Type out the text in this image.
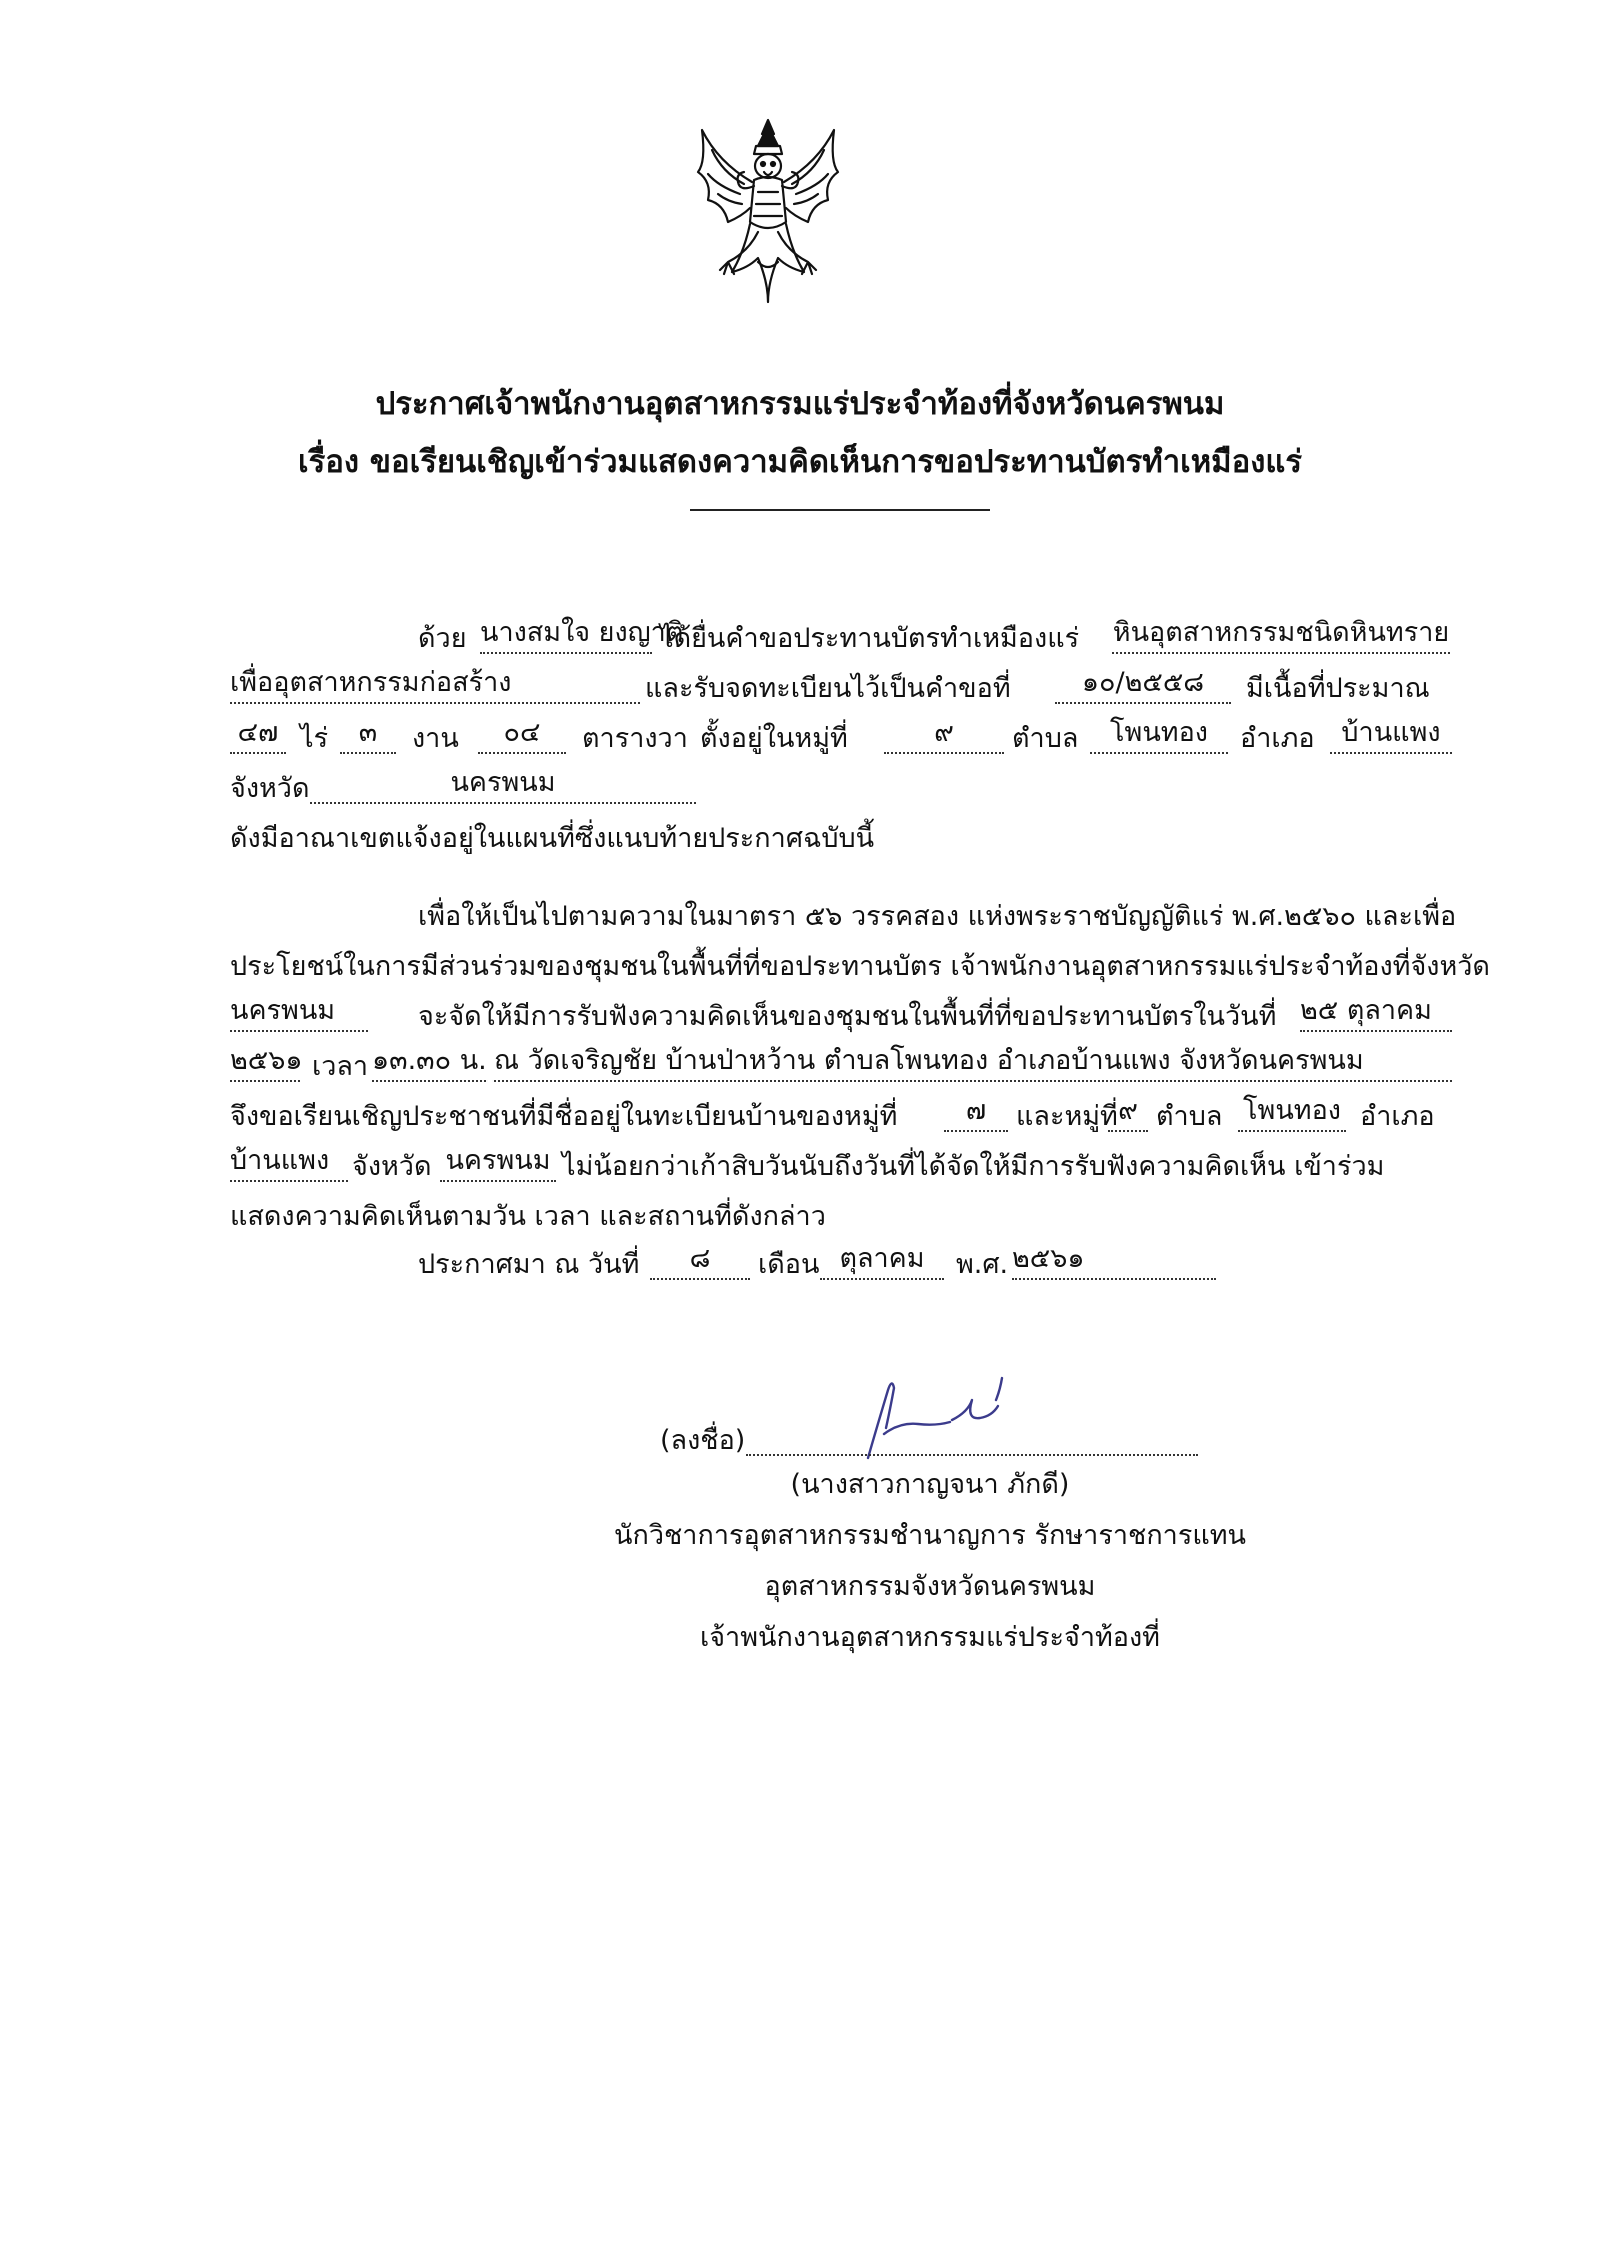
ประกาศเจ้าพนักงานอุตสาหกรรมแร่ประจำท้องที่จังหวัดนครพนม
เรื่อง ขอเรียนเชิญเข้าร่วมแสดงความคิดเห็นการขอประทานบัตรทำเหมืองแร่
ด้วย นางสมใจ ยงญาติ
ได้ยื่นคำขอประทานบัตรทำเหมืองแร่ หินอุตสาหกรรมชนิดหินทราย
เพื่ออุตสาหกรรมก่อสร้าง	และรับจดทะเบียนไว้เป็นคำขอที่	๑๐/๒๕๕๘	มีเนื้อที่ประมาณ
๔๗ ไร่	๓	งาน	๐๔	ตารางวา ตั้งอยู่ในหมู่ที่	๙	ตำบล	โพนทอง	อำเภอ บ้านแพง
จังหวัด	นครพนม
ดังมีอาณาเขตแจ้งอยู่ในแผนที่ซึ่งแนบท้ายประกาศฉบับนี้
เพื่อให้เป็นไปตามความในมาตรา ๕๖ วรรคสอง แห่งพระราชบัญญัติแร่ พ.ศ.๒๕๖๐ และเพื่อ
ประโยชน์ในการมีส่วนร่วมของชุมชนในพื้นที่ที่ขอประทานบัตร เจ้าพนักงานอุตสาหกรรมแร่ประจำท้องที่จังหวัด
นครพนม	จะจัดให้มีการรับฟังความคิดเห็นของชุมชนในพื้นที่ที่ขอประทานบัตรในวันที่ ๒๕ ตุลาคม
๒๕๖๑ เวลา ๑๓.๓๐ น. ณ วัดเจริญชัย บ้านป่าหว้าน ตำบลโพนทอง อำเภอบ้านแพง จังหวัดนครพนม
จึงขอเรียนเชิญประชาชนที่มีชื่ออยู่ในทะเบียนบ้านของหมู่ที่	๗	และหมู่ที่ ๙ ตำบล โพนทอง อำเภอ
บ้านแพง จังหวัด นครพนม ไม่น้อยกว่าเก้าสิบวันนับถึงวันที่ได้จัดให้มีการรับฟังความคิดเห็น เข้าร่วม
แสดงความคิดเห็นตามวัน เวลา และสถานที่ดังกล่าว
ประกาศมา ณ วันที่	๘	เดือน ตุลาคม	พ.ศ. ๒๕๖๑
(ลงชื่อ)
(นางสาวกาญจนา ภักดี)
นักวิชาการอุตสาหกรรมชำนาญการ รักษาราชการแทน
อุตสาหกรรมจังหวัดนครพนม
เจ้าพนักงานอุตสาหกรรมแร่ประจำท้องที่
